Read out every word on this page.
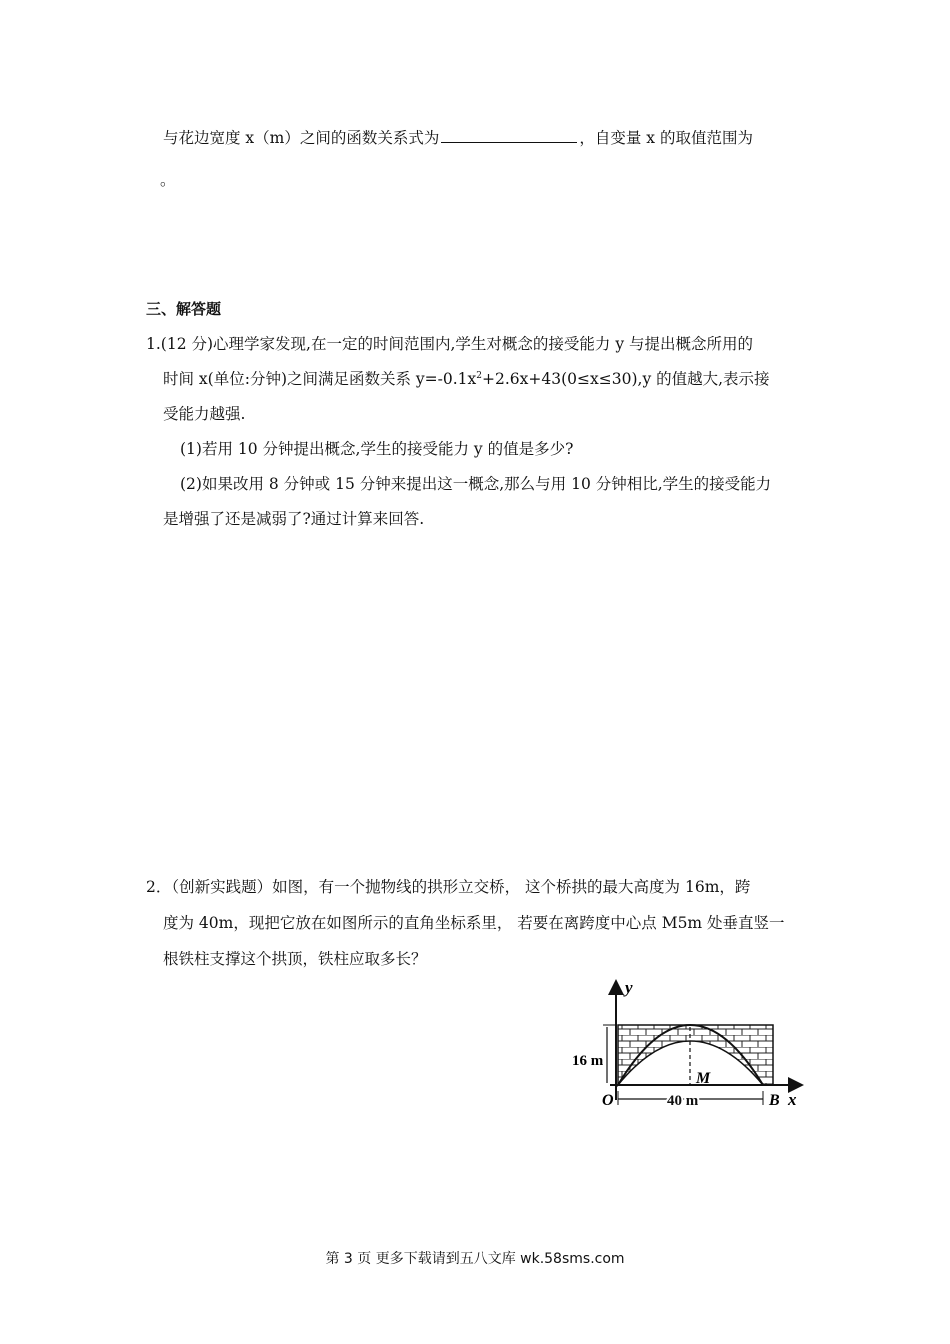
与花边宽度 x（m）之间的函数关系式为	，自变量 x 的取值范围为
。
三、解答题
1.(12 分)心理学家发现,在一定的时间范围内,学生对概念的接受能力 y 与提出概念所用的
时间 x(单位:分钟)之间满足函数关系 $y=-0.1x^2+2.6x+43(0\le x\le 30),y$ 的值越大,表示接
受能力越强.
(1)若用 10 分钟提出概念,学生的接受能力 y 的值是多少?
(2)如果改用 8 分钟或 15 分钟来提出这一概念,那么与用 10 分钟相比,学生的接受能力
是增强了还是减弱了?通过计算来回答.
2．（创新实践题）如图，有一个抛物线的拱形立交桥， 这个桥拱的最大高度为 16m，跨
度为 40m，现把它放在如图所示的直角坐标系里， 若要在离跨度中心点 M5m 处垂直竖一
根铁柱支撑这个拱顶，铁柱应取多长？
y
16 m
M
O	40 m	B x
第 3 页 更多下载请到五八文库 wk.58sms.com
